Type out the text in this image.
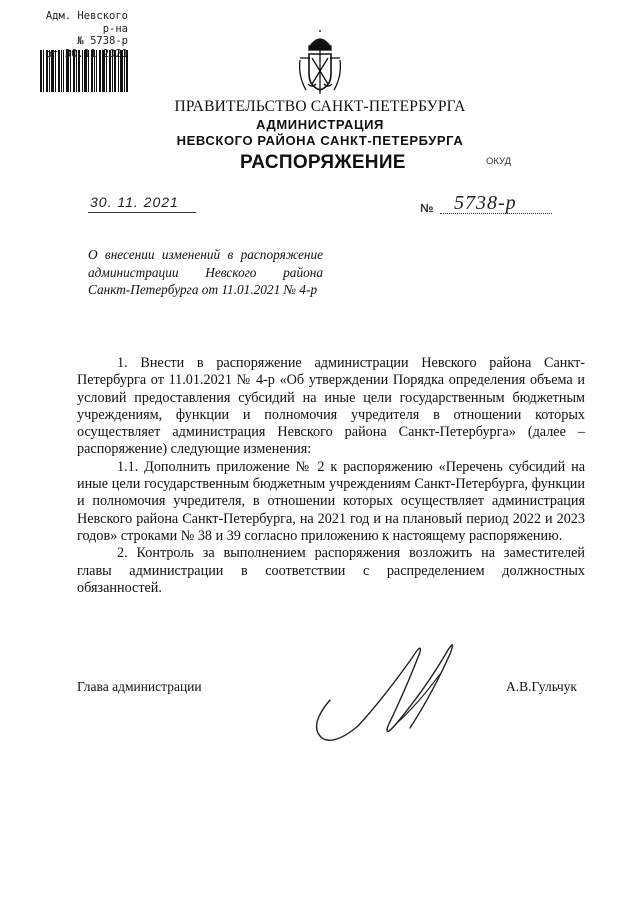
Адм. Невского р-на
№ 5738-р
30.11.2021
ПРАВИТЕЛЬСТВО САНКТ-ПЕТЕРБУРГА
АДМИНИСТРАЦИЯ
НЕВСКОГО РАЙОНА САНКТ-ПЕТЕРБУРГА
РАСПОРЯЖЕНИЕ	ОКУД
30. 11. 2021	№ 5738-р
О внесении изменений в распоряжение
администрации Невского района
Санкт-Петербурга от 11.01.2021 № 4-р

1. Внести в распоряжение администрации Невского района Санкт-Петербурга от 11.01.2021 № 4-р «Об утверждении Порядка определения объема и условий предоставления субсидий на иные цели государственным бюджетным учреждениям, функции и полномочия учредителя в отношении которых осуществляет администрация Невского района Санкт-Петербурга» (далее – распоряжение) следующие изменения:

1.1. Дополнить приложение № 2 к распоряжению «Перечень субсидий на иные цели государственным бюджетным учреждениям Санкт-Петербурга, функции и полномочия учредителя, в отношении которых осуществляет администрация Невского района Санкт-Петербурга, на 2021 год и на плановый период 2022 и 2023 годов» строками № 38 и 39 согласно приложению к настоящему распоряжению.

2. Контроль за выполнением распоряжения возложить на заместителей главы администрации в соответствии с распределением должностных обязанностей.

Глава администрации	А.В.Гульчук
